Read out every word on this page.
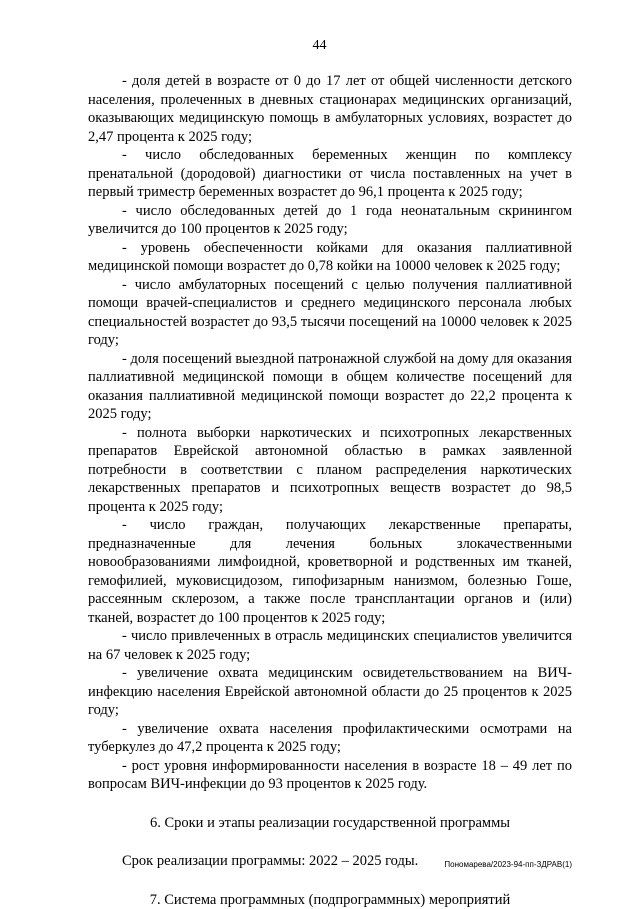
44

- доля детей в возрасте от 0 до 17 лет от общей численности детского населения, пролеченных в дневных стационарах медицинских организаций, оказывающих медицинскую помощь в амбулаторных условиях, возрастет до 2,47 процента к 2025 году;

- число обследованных беременных женщин по комплексу пренатальной (дородовой) диагностики от числа поставленных на учет в первый триместр беременных возрастет до 96,1 процента к 2025 году;

- число обследованных детей до 1 года неонатальным скринингом увеличится до 100 процентов к 2025 году;

- уровень обеспеченности койками для оказания паллиативной медицинской помощи возрастет до 0,78 койки на 10000 человек к 2025 году;

- число амбулаторных посещений с целью получения паллиативной помощи врачей-специалистов и среднего медицинского персонала любых специальностей возрастет до 93,5 тысячи посещений на 10000 человек к 2025 году;

- доля посещений выездной патронажной службой на дому для оказания паллиативной медицинской помощи в общем количестве посещений для оказания паллиативной медицинской помощи возрастет до 22,2 процента к 2025 году;

- полнота выборки наркотических и психотропных лекарственных препаратов Еврейской автономной областью в рамках заявленной потребности в соответствии с планом распределения наркотических лекарственных препаратов и психотропных веществ возрастет до 98,5 процента к 2025 году;

- число граждан, получающих лекарственные препараты, предназначенные для лечения больных злокачественными новообразованиями лимфоидной, кроветворной и родственных им тканей, гемофилией, муковисцидозом, гипофизарным нанизмом, болезнью Гоше, рассеянным склерозом, а также после трансплантации органов и (или) тканей, возрастет до 100 процентов к 2025 году;

- число привлеченных в отрасль медицинских специалистов увеличится на 67 человек к 2025 году;

- увеличение охвата медицинским освидетельствованием на ВИЧ-инфекцию населения Еврейской автономной области до 25 процентов к 2025 году;

- увеличение охвата населения профилактическими осмотрами на туберкулез до 47,2 процента к 2025 году;

- рост уровня информированности населения в возрасте 18 – 49 лет по вопросам ВИЧ-инфекции до 93 процентов к 2025 году.

6. Сроки и этапы реализации государственной программы

Срок реализации программы: 2022 – 2025 годы.

7. Система программных (подпрограммных) мероприятий

Пономарева/2023-94-пп-ЗДРАВ(1)
